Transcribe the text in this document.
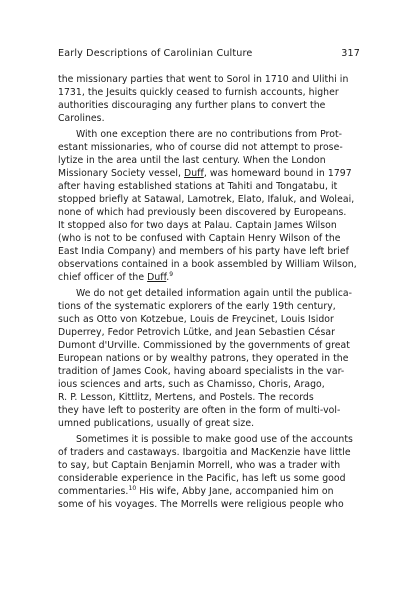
Early Descriptions of Carolinian Culture	317
the missionary parties that went to Sorol in 1710 and Ulithi in
1731, the Jesuits quickly ceased to furnish accounts, higher
authorities discouraging any further plans to convert the
Carolines.
With one exception there are no contributions from Prot-
estant missionaries, who of course did not attempt to prose-
lytize in the area until the last century. When the London
Missionary Society vessel, Duff, was homeward bound in 1797
after having established stations at Tahiti and Tongatabu, it
stopped briefly at Satawal, Lamotrek, Elato, Ifaluk, and Woleai,
none of which had previously been discovered by Europeans.
It stopped also for two days at Palau. Captain James Wilson
(who is not to be confused with Captain Henry Wilson of the
East India Company) and members of his party have left brief
observations contained in a book assembled by William Wilson,
chief officer of the Duff.$^9$
We do not get detailed information again until the publica-
tions of the systematic explorers of the early 19th century,
such as Otto von Kotzebue, Louis de Freycinet, Louis Isidor
Duperrey, Fedor Petrovich Lütke, and Jean Sebastien César
Dumont d'Urville. Commissioned by the governments of great
European nations or by wealthy patrons, they operated in the
tradition of James Cook, having aboard specialists in the var-
ious sciences and arts, such as Chamisso, Choris, Arago,
R. P. Lesson, Kittlitz, Mertens, and Postels. The records
they have left to posterity are often in the form of multi-vol-
umned publications, usually of great size.
Sometimes it is possible to make good use of the accounts
of traders and castaways. Ibargoitia and MacKenzie have little
to say, but Captain Benjamin Morrell, who was a trader with
considerable experience in the Pacific, has left us some good
commentaries.$^{10}$ His wife, Abby Jane, accompanied him on
some of his voyages. The Morrells were religious people who
